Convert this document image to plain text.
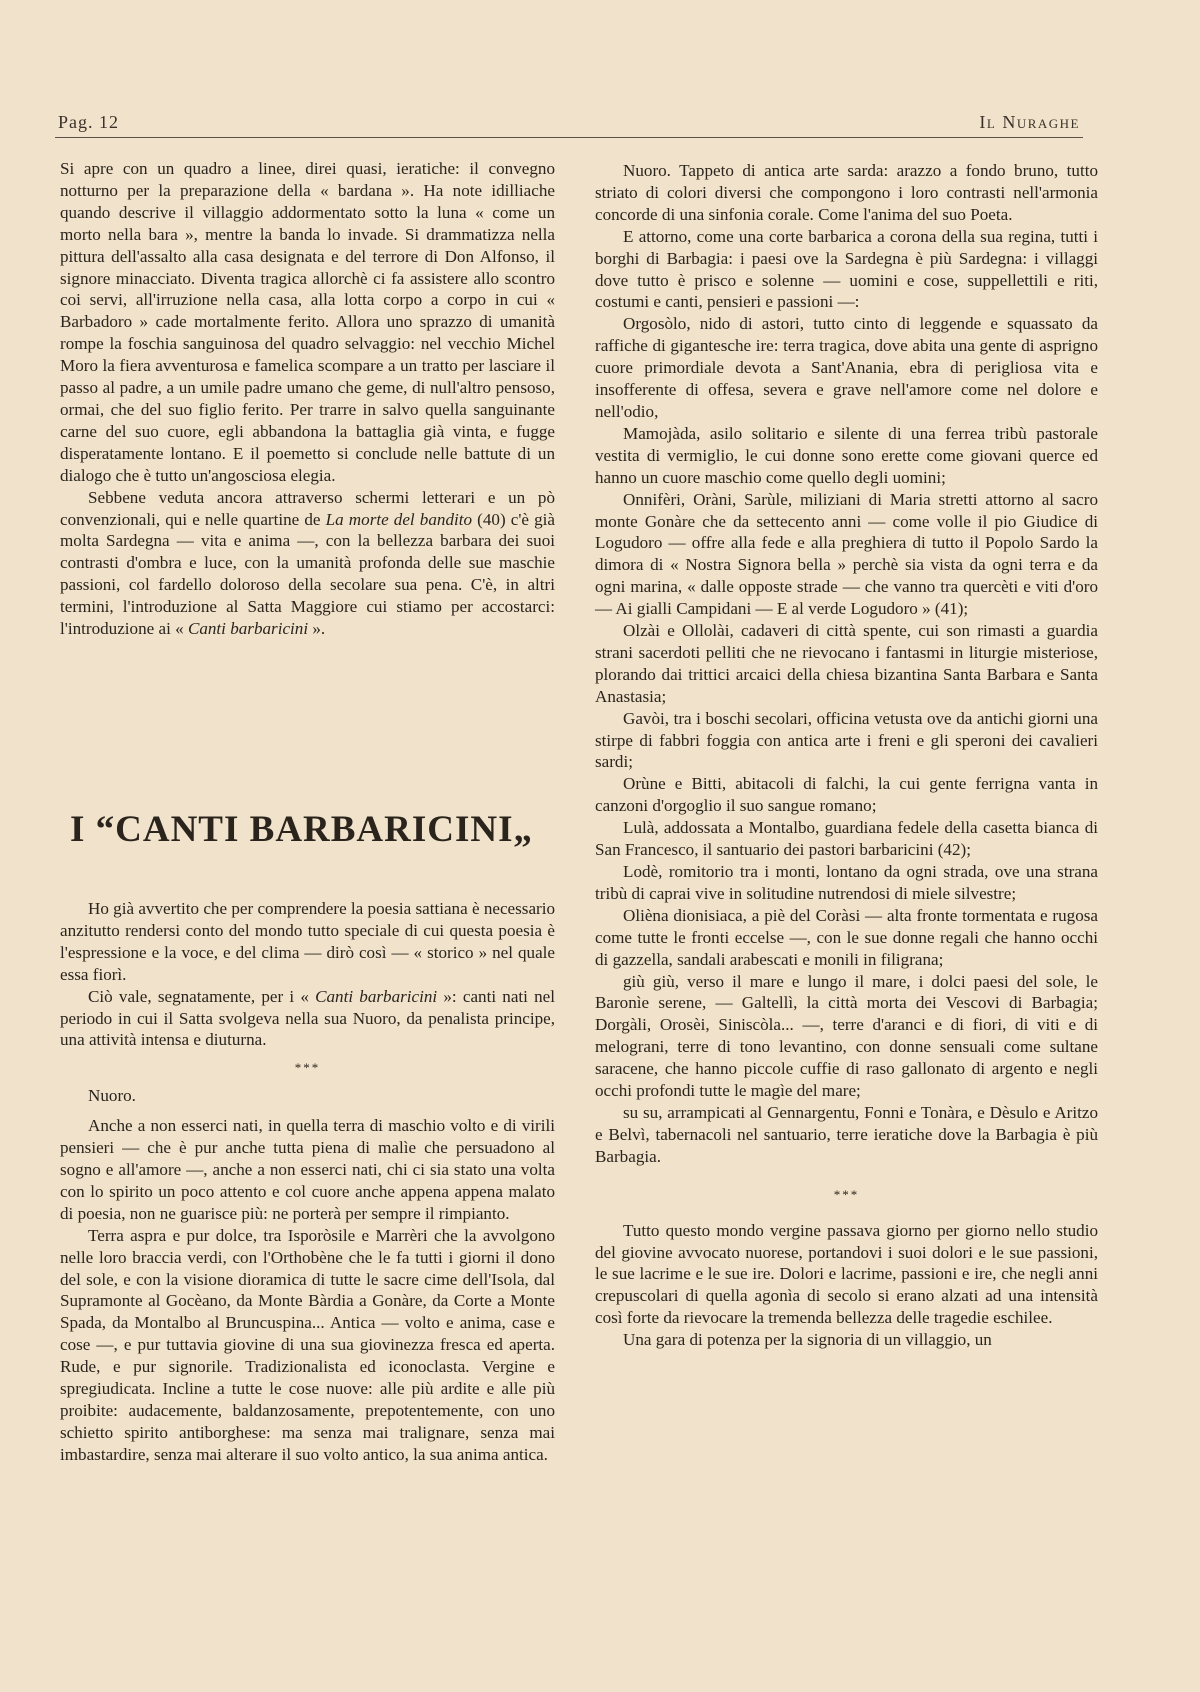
Pag. 12	Il Nuraghe

Si apre con un quadro a linee, direi quasi, ieratiche: il convegno notturno per la preparazione della « bardana ». Ha note idilliache quando descrive il villaggio addormentato sotto la luna « come un morto nella bara », mentre la banda lo invade. Si drammatizza nella pittura dell'assalto alla casa designata e del terrore di Don Alfonso, il signore minacciato. Diventa tragica allorchè ci fa assistere allo scontro coi servi, all'irruzione nella casa, alla lotta corpo a corpo in cui « Barbadoro » cade mortalmente ferito. Allora uno sprazzo di umanità rompe la foschia sanguinosa del quadro selvaggio: nel vecchio Michel Moro la fiera avventurosa e famelica scompare a un tratto per lasciare il passo al padre, a un umile padre umano che geme, di null'altro pensoso, ormai, che del suo figlio ferito. Per trarre in salvo quella sanguinante carne del suo cuore, egli abbandona la battaglia già vinta, e fugge disperatamente lontano. E il poemetto si conclude nelle battute di un dialogo che è tutto un'angosciosa elegia.

Sebbene veduta ancora attraverso schermi letterari e un pò convenzionali, qui e nelle quartine de La morte del bandito (40) c'è già molta Sardegna — vita e anima —, con la bellezza barbara dei suoi contrasti d'ombra e luce, con la umanità profonda delle sue maschie passioni, col fardello doloroso della secolare sua pena. C'è, in altri termini, l'introduzione al Satta Maggiore cui stiamo per accostarci: l'introduzione ai « Canti barbaricini ».

I “CANTI BARBARICINI„

Ho già avvertito che per comprendere la poesia sattiana è necessario anzitutto rendersi conto del mondo tutto speciale di cui questa poesia è l'espressione e la voce, e del clima — dirò così — « storico » nel quale essa fiorì.

Ciò vale, segnatamente, per i « Canti barbaricini »: canti nati nel periodo in cui il Satta svolgeva nella sua Nuoro, da penalista principe, una attività intensa e diuturna.

***

Nuoro.

Anche a non esserci nati, in quella terra di maschio volto e di virili pensieri — che è pur anche tutta piena di malìe che persuadono al sogno e all'amore —, anche a non esserci nati, chi ci sia stato una volta con lo spirito un poco attento e col cuore anche appena appena malato di poesia, non ne guarisce più: ne porterà per sempre il rimpianto.

Terra aspra e pur dolce, tra Isporòsile e Marrèri che la avvolgono nelle loro braccia verdi, con l'Orthobène che le fa tutti i giorni il dono del sole, e con la visione dioramica di tutte le sacre cime dell'Isola, dal Supramonte al Gocèano, da Monte Bàrdia a Gonàre, da Corte a Monte Spada, da Montalbo al Bruncuspina... Antica — volto e anima, case e cose —, e pur tuttavia giovine di una sua giovinezza fresca ed aperta. Rude, e pur signorile. Tradizionalista ed iconoclasta. Vergine e spregiudicata. Incline a tutte le cose nuove: alle più ardite e alle più proibite: audacemente, baldanzosamente, prepotentemente, con uno schietto spirito antiborghese: ma senza mai tralignare, senza mai imbastardire, senza mai alterare il suo volto antico, la sua anima antica.

Nuoro. Tappeto di antica arte sarda: arazzo a fondo bruno, tutto striato di colori diversi che compongono i loro contrasti nell'armonia concorde di una sinfonia corale. Come l'anima del suo Poeta.

E attorno, come una corte barbarica a corona della sua regina, tutti i borghi di Barbagia: i paesi ove la Sardegna è più Sardegna: i villaggi dove tutto è prisco e solenne — uomini e cose, suppellettili e riti, costumi e canti, pensieri e passioni —:

Orgosòlo, nido di astori, tutto cinto di leggende e squassato da raffiche di gigantesche ire: terra tragica, dove abita una gente di asprigno cuore primordiale devota a Sant'Anania, ebra di perigliosa vita e insofferente di offesa, severa e grave nell'amore come nel dolore e nell'odio,

Mamojàda, asilo solitario e silente di una ferrea tribù pastorale vestita di vermiglio, le cui donne sono erette come giovani querce ed hanno un cuore maschio come quello degli uomini;

Onnifèri, Oràni, Sarùle, miliziani di Maria stretti attorno al sacro monte Gonàre che da settecento anni — come volle il pio Giudice di Logudoro — offre alla fede e alla preghiera di tutto il Popolo Sardo la dimora di « Nostra Signora bella » perchè sia vista da ogni terra e da ogni marina, « dalle opposte strade — che vanno tra quercèti e viti d'oro — Ai gialli Campidani — E al verde Logudoro » (41);

Olzài e Ollolài, cadaveri di città spente, cui son rimasti a guardia strani sacerdoti pelliti che ne rievocano i fantasmi in liturgie misteriose, plorando dai trittici arcaici della chiesa bizantina Santa Barbara e Santa Anastasia;

Gavòi, tra i boschi secolari, officina vetusta ove da antichi giorni una stirpe di fabbri foggia con antica arte i freni e gli speroni dei cavalieri sardi;

Orùne e Bitti, abitacoli di falchi, la cui gente ferrigna vanta in canzoni d'orgoglio il suo sangue romano;

Lulà, addossata a Montalbo, guardiana fedele della casetta bianca di San Francesco, il santuario dei pastori barbaricini (42);

Lodè, romitorio tra i monti, lontano da ogni strada, ove una strana tribù di caprai vive in solitudine nutrendosi di miele silvestre;

Olièna dionisiaca, a piè del Coràsi — alta fronte tormentata e rugosa come tutte le fronti eccelse —, con le sue donne regali che hanno occhi di gazzella, sandali arabescati e monili in filigrana;

giù giù, verso il mare e lungo il mare, i dolci paesi del sole, le Baronìe serene, — Galtellì, la città morta dei Vescovi di Barbagia; Dorgàli, Orosèi, Siniscòla... —, terre d'aranci e di fiori, di viti e di melograni, terre di tono levantino, con donne sensuali come sultane saracene, che hanno piccole cuffie di raso gallonato di argento e negli occhi profondi tutte le magìe del mare;

su su, arrampicati al Gennargentu, Fonni e Tonàra, e Dèsulo e Aritzo e Belvì, tabernacoli nel santuario, terre ieratiche dove la Barbagia è più Barbagia.

***

Tutto questo mondo vergine passava giorno per giorno nello studio del giovine avvocato nuorese, portandovi i suoi dolori e le sue passioni, le sue lacrime e le sue ire. Dolori e lacrime, passioni e ire, che negli anni crepuscolari di quella agonìa di secolo si erano alzati ad una intensità così forte da rievocare la tremenda bellezza delle tragedie eschilee.

Una gara di potenza per la signoria di un villaggio, un
